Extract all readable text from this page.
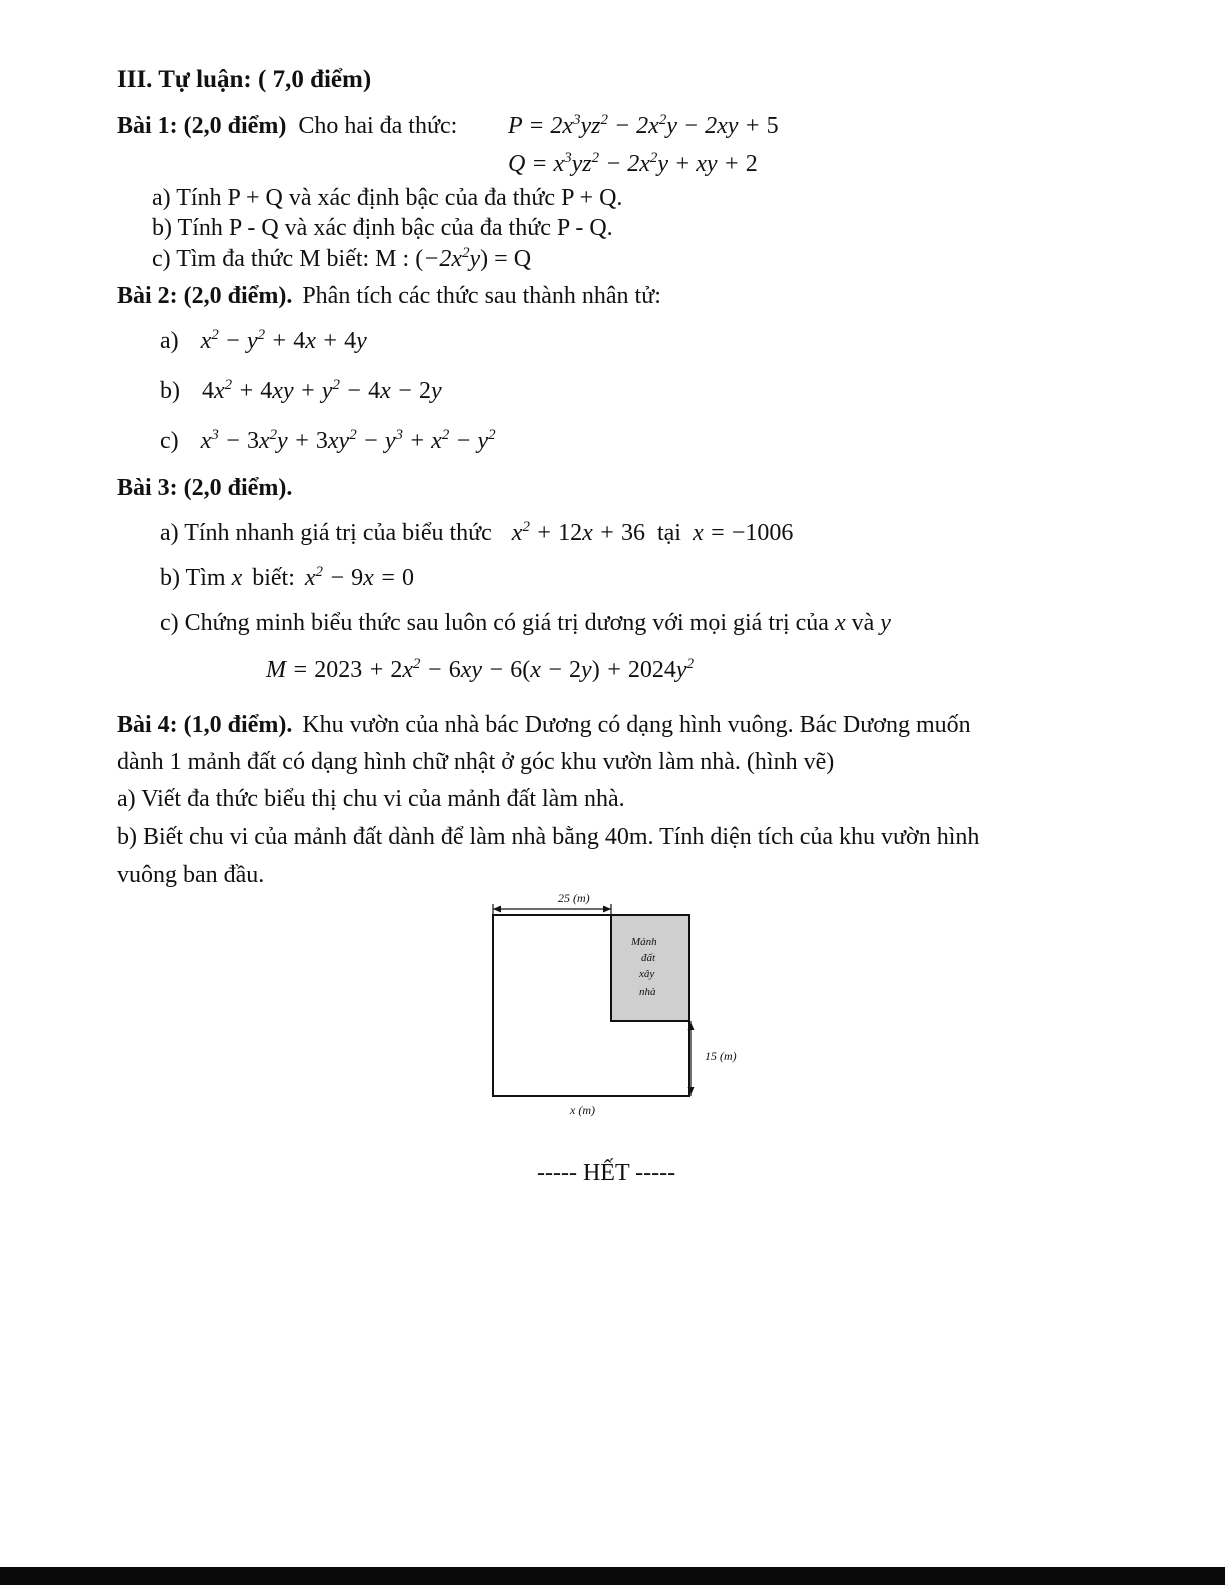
III. Tự luận: ( 7,0 điểm)
Bài 1: (2,0 điểm) Cho hai đa thức: $P = 2x^3yz^2 - 2x^2y - 2xy + 5$
$Q = x^3yz^2 - 2x^2y$ + xy + 2
a) Tính P + Q và xác định bậc của đa thức P + Q.
b) Tính P - Q và xác định bậc của đa thức P - Q.
c) Tìm đa thức M biết: M : $(-2x^2y) = Q$
Bài 2: (2,0 điểm). Phân tích các thức sau thành nhân tử:
a) $x^2 - y^2 + 4x + 4y$
b) $4x^2 + 4xy + y^2 - 4x - 2y$
c) $x^3 - 3x^2y + 3xy^2 - y^3 + x^2 - y^2$
Bài 3: (2,0 điểm).
a) Tính nhanh giá trị của biểu thức $x^2 + 12x + 36$ tại x = −1006
b) Tìm x biết: $x^2 - 9x = 0$
c) Chứng minh biểu thức sau luôn có giá trị dương với mọi giá trị của x và y
$M = 2023 + 2x^2 - 6xy - 6(x - 2y) + 2024y^2$
Bài 4: (1,0 điểm). Khu vườn của nhà bác Dương có dạng hình vuông. Bác Dương muốn
dành 1 mảnh đất có dạng hình chữ nhật ở góc khu vườn làm nhà. (hình vẽ)
a) Viết đa thức biểu thị chu vi của mảnh đất làm nhà.
b) Biết chu vi của mảnh đất dành để làm nhà bằng 40m. Tính diện tích của khu vườn hình
vuông ban đầu.
25 (m)
Mảnh
đất
xây
nhà
15 (m)
x (m)
----- HẾT -----
